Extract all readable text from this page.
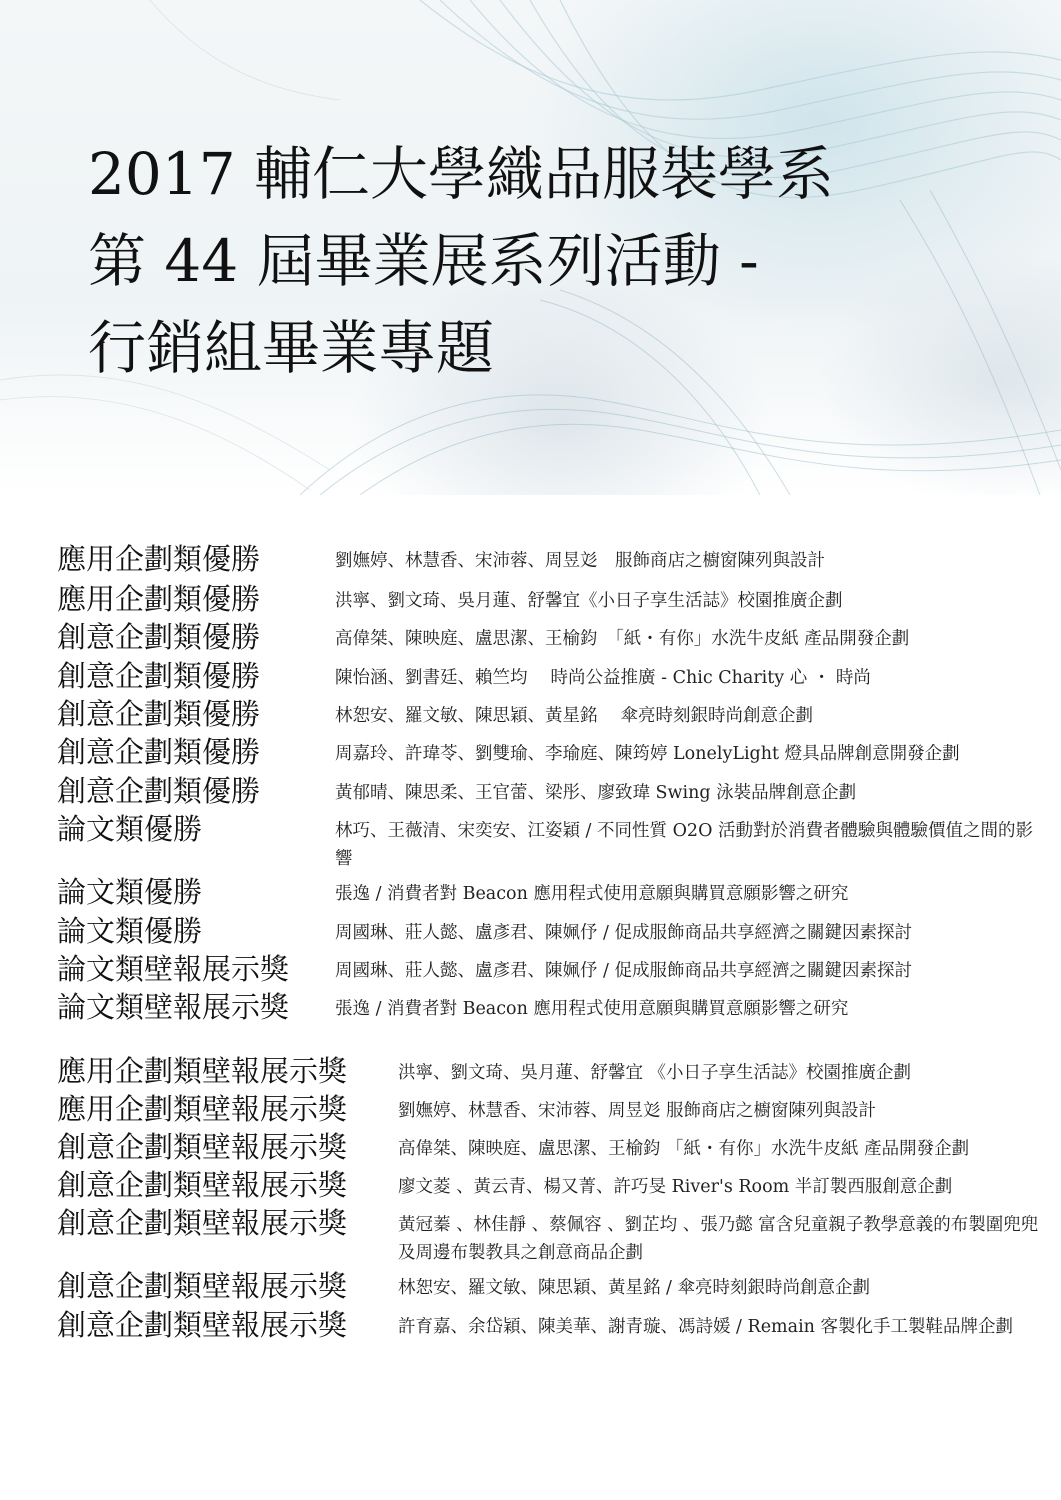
2017 輔仁大學織品服裝學系
第 44 屆畢業展系列活動 -
行銷組畢業專題
應用企劃類優勝	劉嫵婷、林慧香、宋沛蓉、周昱彣　服飾商店之櫥窗陳列與設計
應用企劃類優勝	洪寧、劉文琦、吳月蓮、舒馨宜《小日子享生活誌》校園推廣企劃
創意企劃類優勝	高偉桀、陳映庭、盧思潔、王榆鈞　「紙・有你」水洗牛皮紙 產品開發企劃
創意企劃類優勝	陳怡涵、劉書廷、賴竺均　 時尚公益推廣 - Chic Charity 心 ・ 時尚
創意企劃類優勝	林恕安、羅文敏、陳思穎、黃星銘　 傘亮時刻銀時尚創意企劃
創意企劃類優勝	周嘉玲、許瑋苓、劉雙瑜、李瑜庭、陳筠婷 LonelyLight 燈具品牌創意開發企劃
創意企劃類優勝	黃郁晴、陳思柔、王官蕾、梁彤、廖致瑋 Swing 泳裝品牌創意企劃
論文類優勝	林巧、王薇清、宋奕安、江姿穎 / 不同性質 O2O 活動對於消費者體驗與體驗價值之間的影響
論文類優勝	張逸 / 消費者對 Beacon 應用程式使用意願與購買意願影響之研究
論文類優勝	周國琳、莊人懿、盧彥君、陳姵伃 / 促成服飾商品共享經濟之關鍵因素探討
論文類壁報展示獎	周國琳、莊人懿、盧彥君、陳姵伃 / 促成服飾商品共享經濟之關鍵因素探討
論文類壁報展示獎	張逸 / 消費者對 Beacon 應用程式使用意願與購買意願影響之研究
應用企劃類壁報展示獎	洪寧、劉文琦、吳月蓮、舒馨宜 《小日子享生活誌》校園推廣企劃
應用企劃類壁報展示獎	劉嫵婷、林慧香、宋沛蓉、周昱彣 服飾商店之櫥窗陳列與設計
創意企劃類壁報展示獎	高偉桀、陳映庭、盧思潔、王榆鈞 「紙・有你」水洗牛皮紙 產品開發企劃
創意企劃類壁報展示獎	廖文菱 、黃云青、楊又菁、許巧旻 River's Room 半訂製西服創意企劃
創意企劃類壁報展示獎	黃冠蓁 、林佳靜 、蔡佩容 、劉芷均 、張乃懿 富含兒童親子教學意義的布製圍兜兜及周邊布製教具之創意商品企劃
創意企劃類壁報展示獎	林恕安、羅文敏、陳思穎、黃星銘 / 傘亮時刻銀時尚創意企劃
創意企劃類壁報展示獎	許育嘉、余岱穎、陳美華、謝青璇、馮詩媛 / Remain 客製化手工製鞋品牌企劃
